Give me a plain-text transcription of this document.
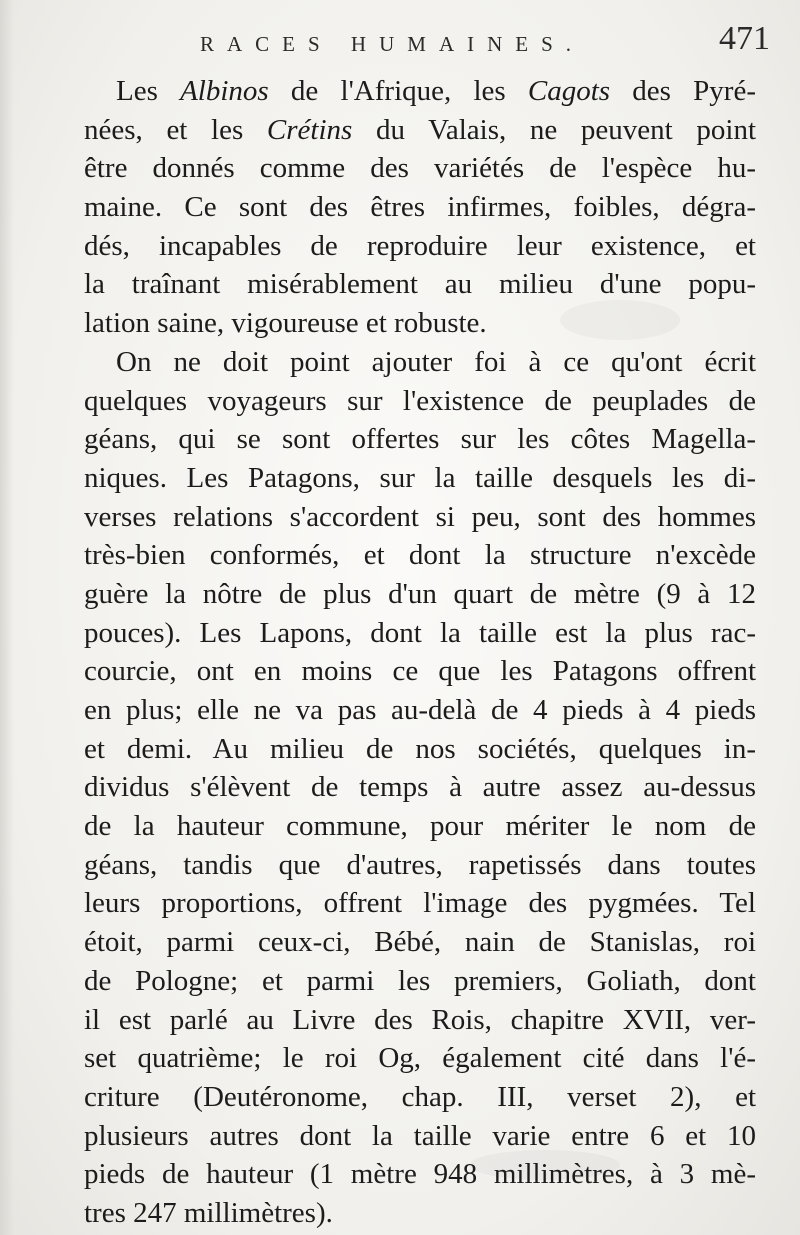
RACES HUMAINES.	471
Les Albinos de l'Afrique, les Cagots des Pyré-
nées, et les Crétins du Valais, ne peuvent point
être donnés comme des variétés de l'espèce hu-
maine. Ce sont des êtres infirmes, foibles, dégra-
dés, incapables de reproduire leur existence, et
la traînant misérablement au milieu d'une popu-
lation saine, vigoureuse et robuste.
On ne doit point ajouter foi à ce qu'ont écrit
quelques voyageurs sur l'existence de peuplades de
géans, qui se sont offertes sur les côtes Magella-
niques. Les Patagons, sur la taille desquels les di-
verses relations s'accordent si peu, sont des hommes
très-bien conformés, et dont la structure n'excède
guère la nôtre de plus d'un quart de mètre (9 à 12
pouces). Les Lapons, dont la taille est la plus rac-
courcie, ont en moins ce que les Patagons offrent
en plus; elle ne va pas au-delà de 4 pieds à 4 pieds
et demi. Au milieu de nos sociétés, quelques in-
dividus s'élèvent de temps à autre assez au-dessus
de la hauteur commune, pour mériter le nom de
géans, tandis que d'autres, rapetissés dans toutes
leurs proportions, offrent l'image des pygmées. Tel
étoit, parmi ceux-ci, Bébé, nain de Stanislas, roi
de Pologne; et parmi les premiers, Goliath, dont
il est parlé au Livre des Rois, chapitre XVII, ver-
set quatrième; le roi Og, également cité dans l'é-
criture (Deutéronome, chap. III, verset 2), et
plusieurs autres dont la taille varie entre 6 et 10
pieds de hauteur (1 mètre 948 millimètres, à 3 mè-
tres 247 millimètres).
